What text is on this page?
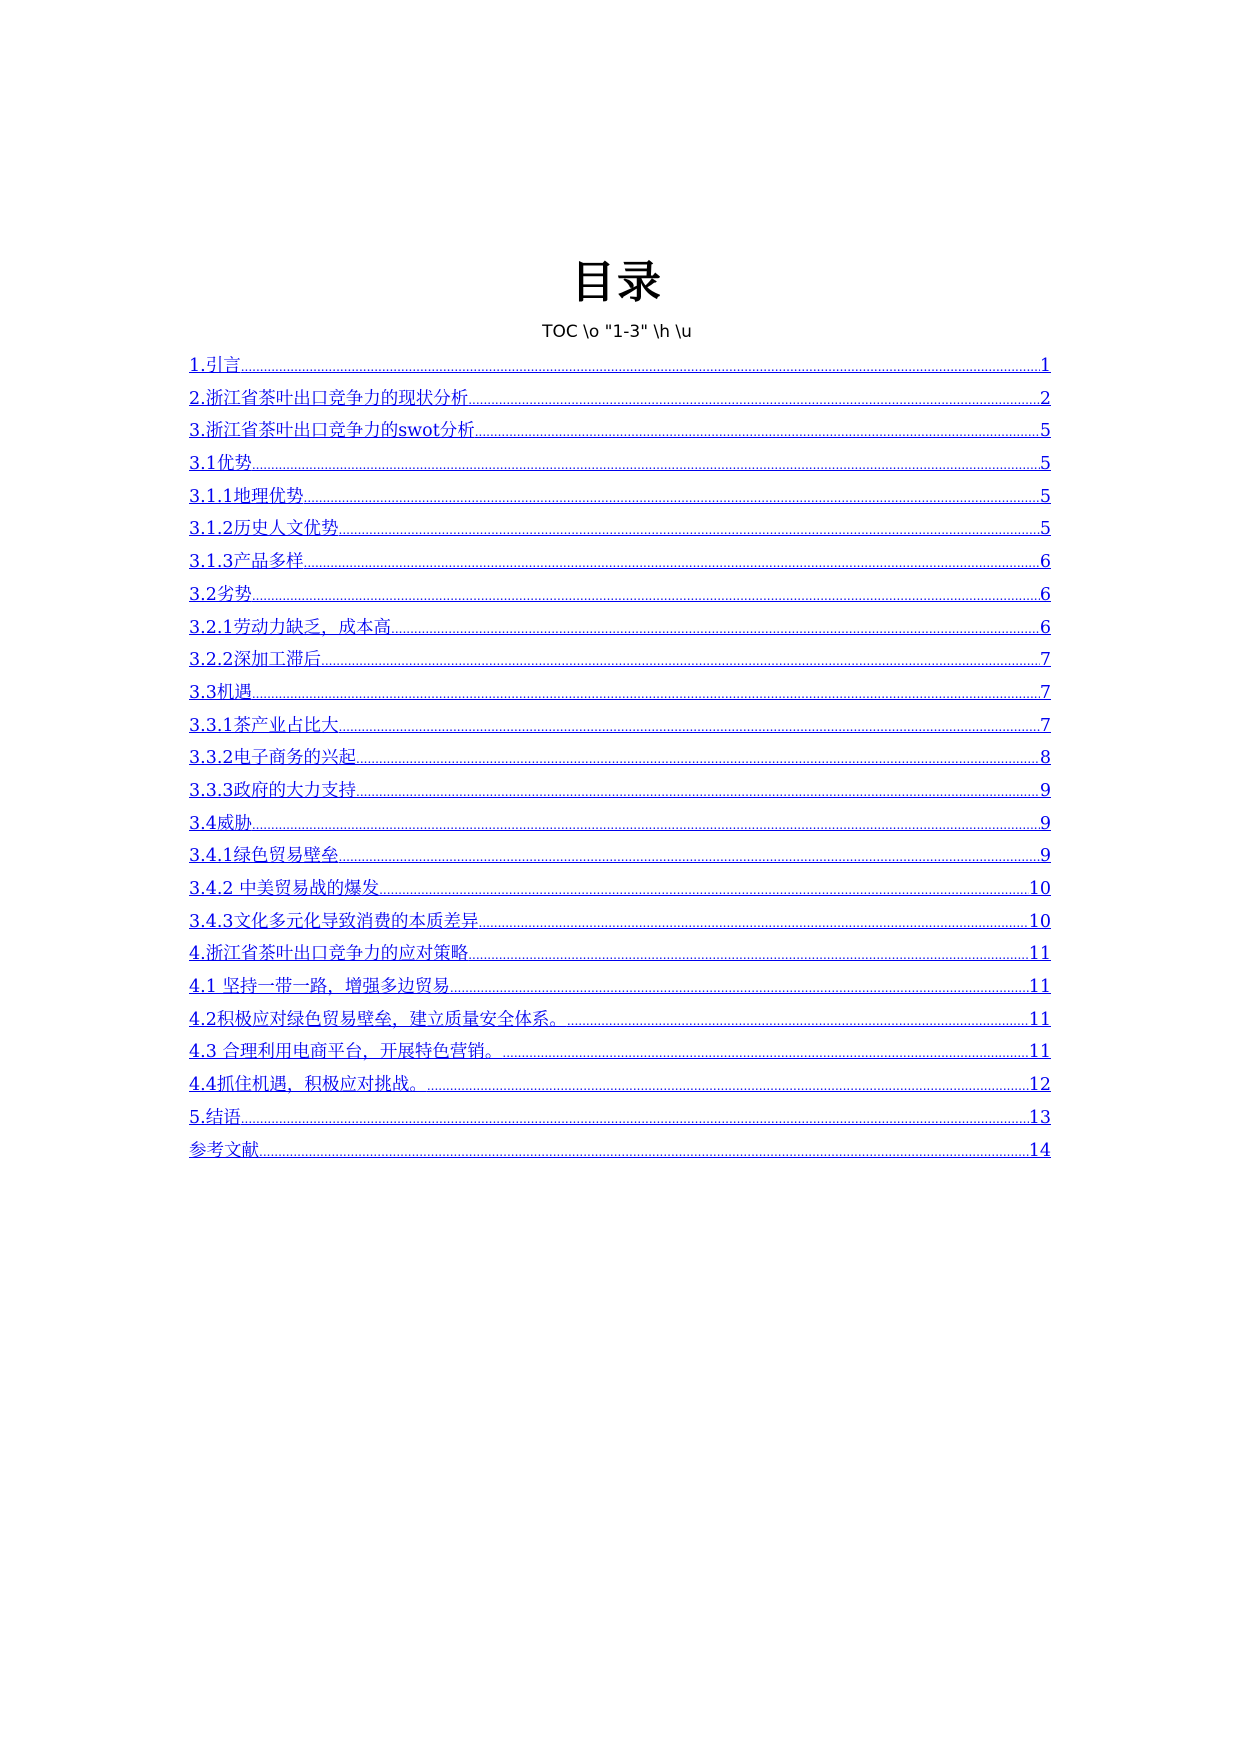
目录
TOC \o "1-3" \h \u
1.引言 .....	1
2.浙江省茶叶出口竞争力的现状分析 .....	2
3.浙江省茶叶出口竞争力的swot分析 .....	5
3.1优势 .....	5
3.1.1地理优势 .....	5
3.1.2历史人文优势 .....	5
3.1.3产品多样 .....	6
3.2劣势 .....	6
3.2.1劳动力缺乏，成本高 .....	6
3.2.2深加工滞后 .....	7
3.3机遇 .....	7
3.3.1茶产业占比大 .....	7
3.3.2电子商务的兴起 .....	8
3.3.3政府的大力支持 .....	9
3.4威胁 .....	9
3.4.1绿色贸易壁垒 .....	9
3.4.2 中美贸易战的爆发 .....	10
3.4.3文化多元化导致消费的本质差异 .....	10
4.浙江省茶叶出口竞争力的应对策略 .....	11
4.1 坚持一带一路，增强多边贸易 .....	11
4.2积极应对绿色贸易壁垒，建立质量安全体系。 .....	11
4.3 合理利用电商平台，开展特色营销。 .....	11
4.4抓住机遇，积极应对挑战。 .....	12
5.结语 .....	13
参考文献 .....	14
